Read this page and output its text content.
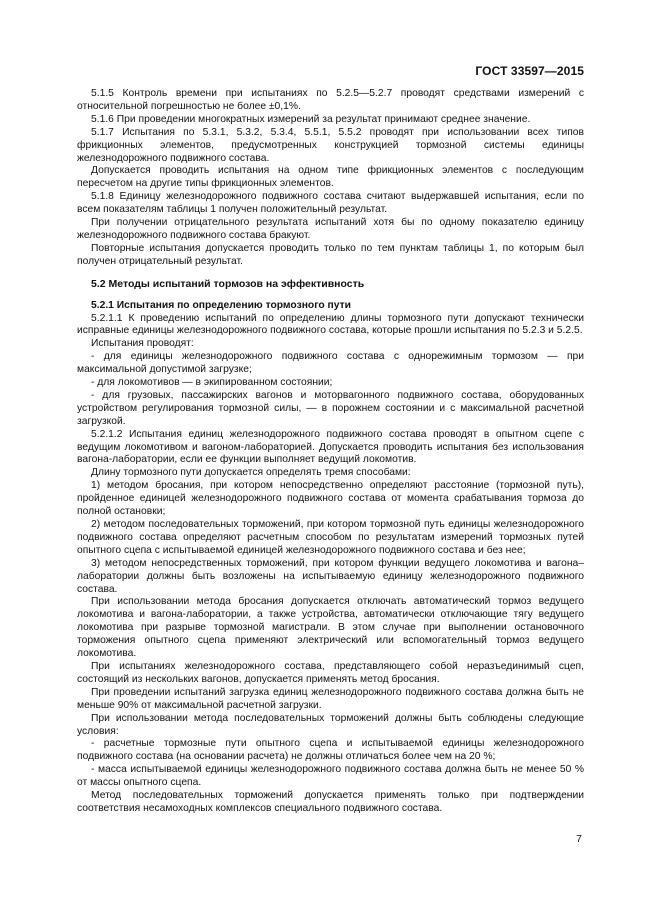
ГОСТ 33597—2015

5.1.5 Контроль времени при испытаниях по 5.2.5—5.2.7 проводят средствами измерений с относительной погрешностью не более ±0,1%.

5.1.6 При проведении многократных измерений за результат принимают среднее значение.

5.1.7 Испытания по 5.3.1, 5.3.2, 5.3.4, 5.5.1, 5.5.2 проводят при использовании всех типов фрикционных элементов, предусмотренных конструкцией тормозной системы единицы железнодорожного подвижного состава.

Допускается проводить испытания на одном типе фрикционных элементов с последующим пересчетом на другие типы фрикционных элементов.

5.1.8 Единицу железнодорожного подвижного состава считают выдержавшей испытания, если по всем показателям таблицы 1 получен положительный результат.

При получении отрицательного результата испытаний хотя бы по одному показателю единицу железнодорожного подвижного состава бракуют.

Повторные испытания допускается проводить только по тем пунктам таблицы 1, по которым был получен отрицательный результат.

5.2 Методы испытаний тормозов на эффективность

5.2.1 Испытания по определению тормозного пути

5.2.1.1 К проведению испытаний по определению длины тормозного пути допускают технически исправные единицы железнодорожного подвижного состава, которые прошли испытания по 5.2.3 и 5.2.5.

Испытания проводят:

- для единицы железнодорожного подвижного состава с однорежимным тормозом — при максимальной допустимой загрузке;

- для локомотивов — в экипированном состоянии;

- для грузовых, пассажирских вагонов и моторвагонного подвижного состава, оборудованных устройством регулирования тормозной силы, — в порожнем состоянии и с максимальной расчетной загрузкой.

5.2.1.2 Испытания единиц железнодорожного подвижного состава проводят в опытном сцепе с ведущим локомотивом и вагоном-лабораторией. Допускается проводить испытания без использования вагона-лаборатории, если ее функции выполняет ведущий локомотив.

Длину тормозного пути допускается определять тремя способами:

1) методом бросания, при котором непосредственно определяют расстояние (тормозной путь), пройденное единицей железнодорожного подвижного состава от момента срабатывания тормоза до полной остановки;

2) методом последовательных торможений, при котором тормозной путь единицы железнодорожного подвижного состава определяют расчетным способом по результатам измерений тормозных путей опытного сцепа с испытываемой единицей железнодорожного подвижного состава и без нее;

3) методом непосредственных торможений, при котором функции ведущего локомотива и вагона–лаборатории должны быть возложены на испытываемую единицу железнодорожного подвижного состава.

При использовании метода бросания допускается отключать автоматический тормоз ведущего локомотива и вагона-лаборатории, а также устройства, автоматически отключающие тягу ведущего локомотива при разрыве тормозной магистрали. В этом случае при выполнении остановочного торможения опытного сцепа применяют электрический или вспомогательный тормоз ведущего локомотива.

При испытаниях железнодорожного состава, представляющего собой неразъединимый сцеп, состоящий из нескольких вагонов, допускается применять метод бросания.

При проведении испытаний загрузка единиц железнодорожного подвижного состава должна быть не меньше 90% от максимальной расчетной загрузки.

При использовании метода последовательных торможений должны быть соблюдены следующие условия:

- расчетные тормозные пути опытного сцепа и испытываемой единицы железнодорожного подвижного состава (на основании расчета) не должны отличаться более чем на 20 %;

- масса испытываемой единицы железнодорожного подвижного состава должна быть не менее 50 % от массы опытного сцепа.

Метод последовательных торможений допускается применять только при подтверждении соответствия несамоходных комплексов специального подвижного состава.

7
